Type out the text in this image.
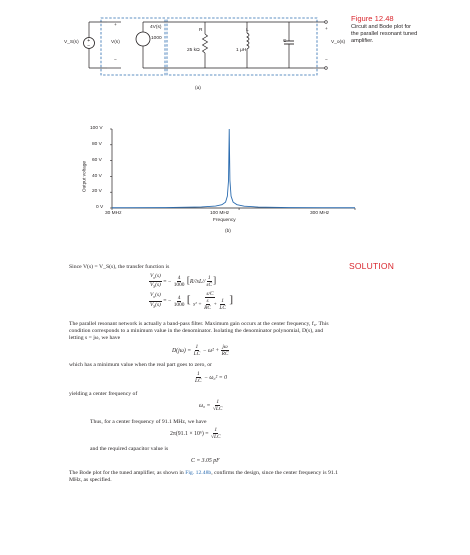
Figure 12.48
Circuit and Bode plot for
the parallel resonant tuned
amplifier.
+
−
V_S(s)
+
V(s)
−
4V(s)
1000
R
25 kΩ
L
1 μH
C
+
V_o(s)
−
(a)
Output voltage
100 V
80 V
60 V
40 V
20 V
0 V
30 MHz	100 MHz	300 MHz
Frequency
(b)
SOLUTION
Since V(s) = V_S(s), the transfer function is
$\frac{V_o(s)}{V_S(s)}$ = − $\frac{4}{1000} [R//sL// \frac{1}{sC}$ ]
$\frac{V_o(s)}{V_S(s)}$ = − $\frac{4}{1000}$ [ $\frac{s/C}{s^2 + \frac{s}{RC} + \frac{1}{LC}}$ ]
The parallel resonant network is actually a band-pass filter. Maximum gain occurs at the center frequency, f₀. This condition corresponds to a minimum value in the denominator. Isolating the denominator polynomial, D(s), and letting s = jω, we have
$D(j\omega) = \frac{1}{LC} - \omega^2 + \frac{j\omega}{RC}$
which has a minimum value when the real part goes to zero, or
$\frac{1}{LC} - \omega_0^2 = 0$
yielding a center frequency of
$\omega_0 = \frac{1}{√LC}$
Thus, for a center frequency of 91.1 MHz, we have
$2\pi(91.1 \times 10^6) = \frac{1}{√LC}$
and the required capacitor value is
C = 3.05 pF
The Bode plot for the tuned amplifier, as shown in Fig. 12.48b, confirms the design, since the center frequency is 91.1 MHz, as specified.
